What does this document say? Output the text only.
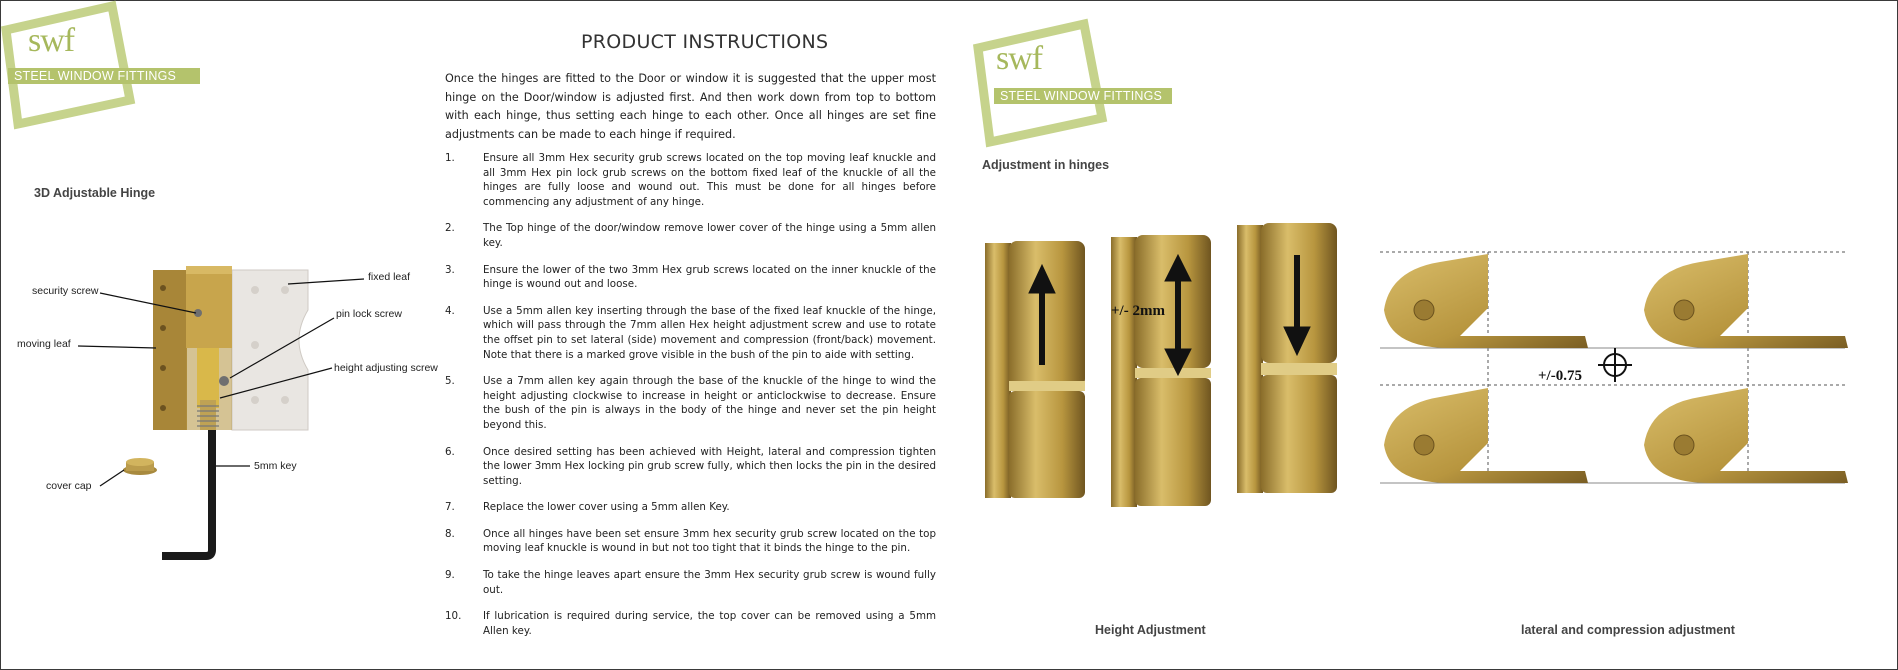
swf
STEEL WINDOW FITTINGS
3D Adjustable Hinge
security screw
moving leaf
fixed leaf
pin lock screw
height adjusting screw
cover cap
5mm key
PRODUCT INSTRUCTIONS
Once the hinges are fitted to the Door or window it is suggested that the upper most hinge on the Door/window is adjusted first. And then work down from top to bottom with each hinge, thus setting each hinge to each other. Once all hinges are set fine adjustments can be made to each hinge if required.
1.	Ensure all 3mm Hex security grub screws located on the top moving leaf knuckle and all 3mm Hex pin lock grub screws on the bottom fixed leaf of the knuckle of all the hinges are fully loose and wound out. This must be done for all hinges before commencing any adjustment of any hinge.
2.	The Top hinge of the door/window remove lower cover of the hinge using a 5mm allen key.
3.	Ensure the lower of the two 3mm Hex grub screws located on the inner knuckle of the hinge is wound out and loose.
4.	Use a 5mm allen key inserting through the base of the fixed leaf knuckle of the hinge, which will pass through the 7mm allen Hex height adjustment screw and use to rotate the offset pin to set lateral (side) movement and compression (front/back) movement. Note that there is a marked grove visible in the bush of the pin to aide with setting.
5.	Use a 7mm allen key again through the base of the knuckle of the hinge to wind the height adjusting clockwise to increase in height or anticlockwise to decrease. Ensure the bush of the pin is always in the body of the hinge and never set the pin height beyond this.
6.	Once desired setting has been achieved with Height, lateral and compression tighten the lower 3mm Hex locking pin grub screw fully, which then locks the pin in the desired setting.
7.	Replace the lower cover using a 5mm allen Key.
8.	Once all hinges have been set ensure 3mm hex security grub screw located on the top moving leaf knuckle is wound in but not too tight that it binds the hinge to the pin.
9.	To take the hinge leaves apart ensure the 3mm Hex security grub screw is wound fully out.
10.	If lubrication is required during service, the top cover can be removed using a 5mm Allen key.
swf
STEEL WINDOW FITTINGS
Adjustment in hinges
+/- 2mm
+/-0.75
Height Adjustment	lateral and compression adjustment
